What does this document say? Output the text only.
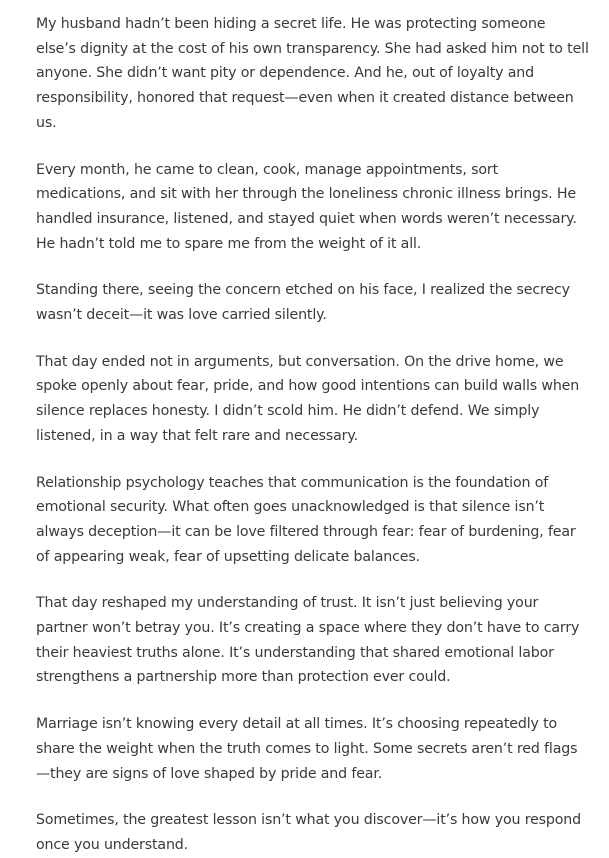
My husband hadn’t been hiding a secret life. He was protecting someone else’s dignity at the cost of his own transparency. She had asked him not to tell anyone. She didn’t want pity or dependence. And he, out of loyalty and responsibility, honored that request—even when it created distance between us.

Every month, he came to clean, cook, manage appointments, sort medications, and sit with her through the loneliness chronic illness brings. He handled insurance, listened, and stayed quiet when words weren’t necessary. He hadn’t told me to spare me from the weight of it all.

Standing there, seeing the concern etched on his face, I realized the secrecy wasn’t deceit—it was love carried silently.

That day ended not in arguments, but conversation. On the drive home, we spoke openly about fear, pride, and how good intentions can build walls when silence replaces honesty. I didn’t scold him. He didn’t defend. We simply listened, in a way that felt rare and necessary.

Relationship psychology teaches that communication is the foundation of emotional security. What often goes unacknowledged is that silence isn’t always deception—it can be love filtered through fear: fear of burdening, fear of appearing weak, fear of upsetting delicate balances.

That day reshaped my understanding of trust. It isn’t just believing your partner won’t betray you. It’s creating a space where they don’t have to carry their heaviest truths alone. It’s understanding that shared emotional labor strengthens a partnership more than protection ever could.

Marriage isn’t knowing every detail at all times. It’s choosing repeatedly to share the weight when the truth comes to light. Some secrets aren’t red flags—they are signs of love shaped by pride and fear.

Sometimes, the greatest lesson isn’t what you discover—it’s how you respond once you understand.
